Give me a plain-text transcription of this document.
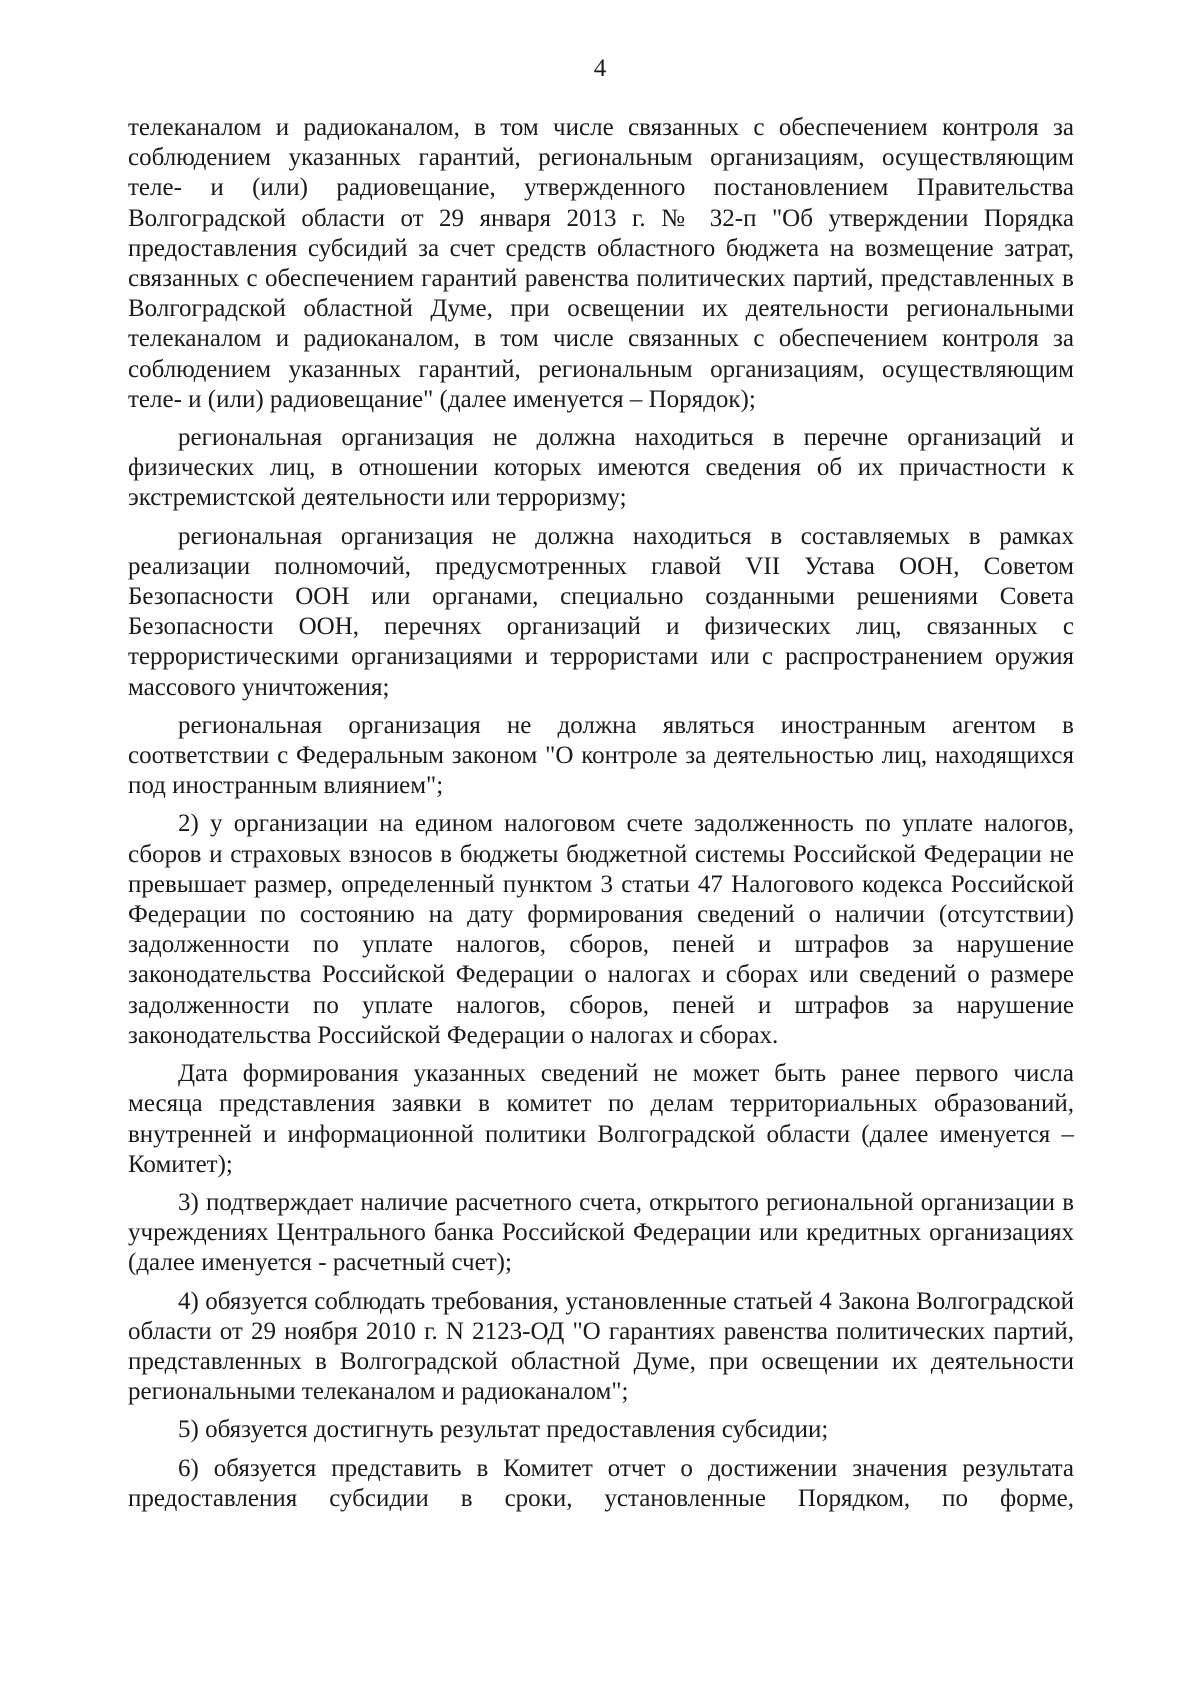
4

телеканалом и радиоканалом, в том числе связанных с обеспечением контроля за соблюдением указанных гарантий, региональным организациям, осуществляющим теле- и (или) радиовещание, утвержденного постановлением Правительства Волгоградской области от 29 января 2013 г. № 32-п "Об утверждении Порядка предоставления субсидий за счет средств областного бюджета на возмещение затрат, связанных с обеспечением гарантий равенства политических партий, представленных в Волгоградской областной Думе, при освещении их деятельности региональными телеканалом и радиоканалом, в том числе связанных с обеспечением контроля за соблюдением указанных гарантий, региональным организациям, осуществляющим теле- и (или) радиовещание" (далее именуется – Порядок);

региональная организация не должна находиться в перечне организаций и физических лиц, в отношении которых имеются сведения об их причастности к экстремистской деятельности или терроризму;

региональная организация не должна находиться в составляемых в рамках реализации полномочий, предусмотренных главой VII Устава ООН, Советом Безопасности ООН или органами, специально созданными решениями Совета Безопасности ООН, перечнях организаций и физических лиц, связанных с террористическими организациями и террористами или с распространением оружия массового уничтожения;

региональная организация не должна являться иностранным агентом в соответствии с Федеральным законом "О контроле за деятельностью лиц, находящихся под иностранным влиянием";

2) у организации на едином налоговом счете задолженность по уплате налогов, сборов и страховых взносов в бюджеты бюджетной системы Российской Федерации не превышает размер, определенный пунктом 3 статьи 47 Налогового кодекса Российской Федерации по состоянию на дату формирования сведений о наличии (отсутствии) задолженности по уплате налогов, сборов, пеней и штрафов за нарушение законодательства Российской Федерации о налогах и сборах или сведений о размере задолженности по уплате налогов, сборов, пеней и штрафов за нарушение законодательства Российской Федерации о налогах и сборах.

Дата формирования указанных сведений не может быть ранее первого числа месяца представления заявки в комитет по делам территориальных образований, внутренней и информационной политики Волгоградской области (далее именуется – Комитет);

3) подтверждает наличие расчетного счета, открытого региональной организации в учреждениях Центрального банка Российской Федерации или кредитных организациях (далее именуется - расчетный счет);

4) обязуется соблюдать требования, установленные статьей 4 Закона Волгоградской области от 29 ноября 2010 г. N 2123-ОД "О гарантиях равенства политических партий, представленных в Волгоградской областной Думе, при освещении их деятельности региональными телеканалом и радиоканалом";

5) обязуется достигнуть результат предоставления субсидии;

6) обязуется представить в Комитет отчет о достижении значения результата предоставления субсидии в сроки, установленные Порядком, по форме,
